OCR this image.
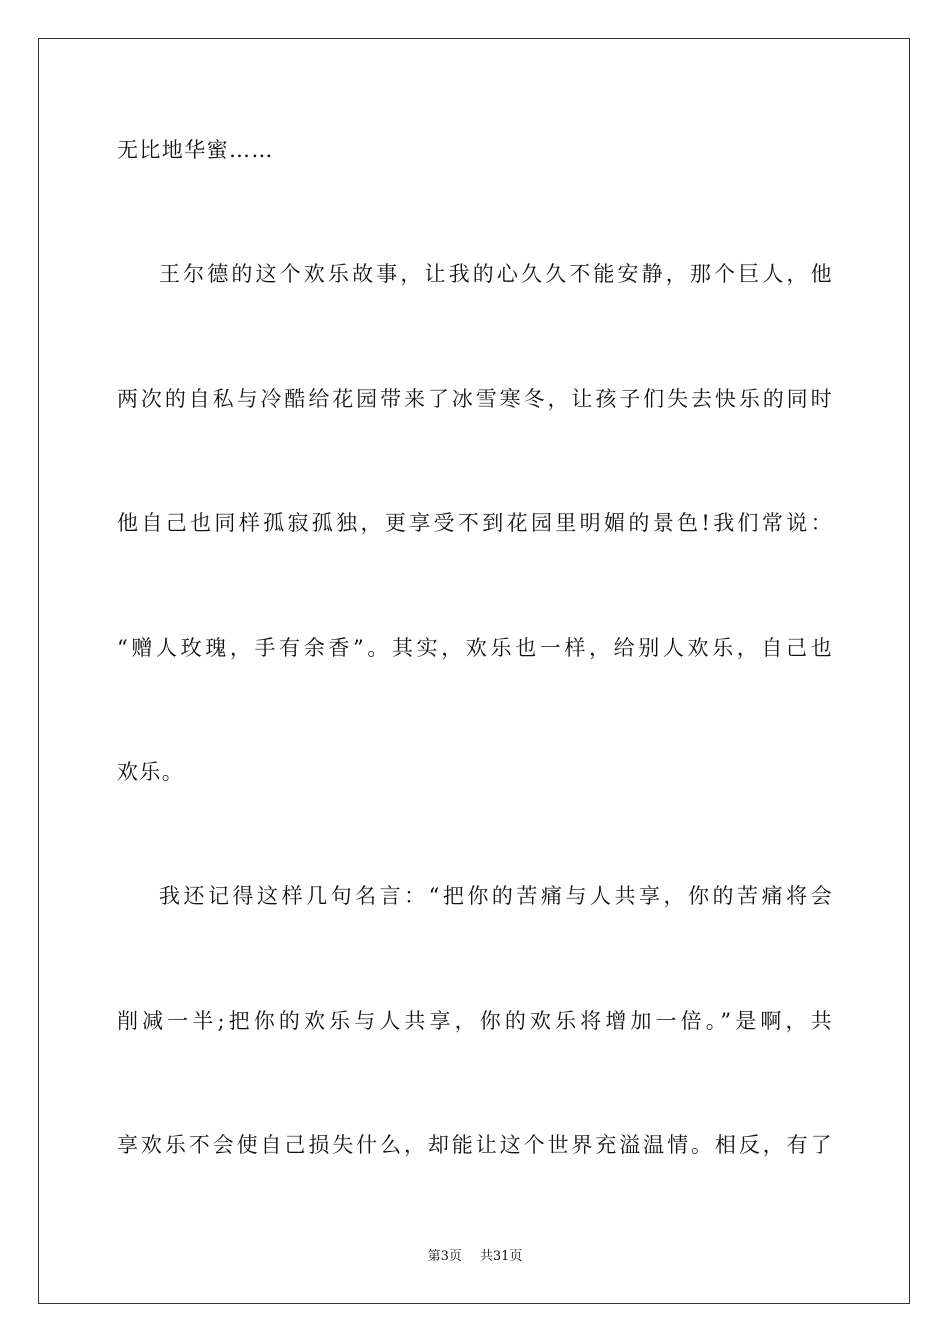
无比地华蜜……
王尔德的这个欢乐故事，让我的心久久不能安静，那个巨人，他
两次的自私与冷酷给花园带来了冰雪寒冬，让孩子们失去快乐的同时
他自己也同样孤寂孤独，更享受不到花园里明媚的景色!我们常说：
“赠人玫瑰，手有余香”。其实，欢乐也一样，给别人欢乐，自己也
欢乐。
我还记得这样几句名言：“把你的苦痛与人共享，你的苦痛将会
削减一半;把你的欢乐与人共享，你的欢乐将增加一倍。”是啊，共
享欢乐不会使自己损失什么，却能让这个世界充溢温情。相反，有了
第3页 共31页
